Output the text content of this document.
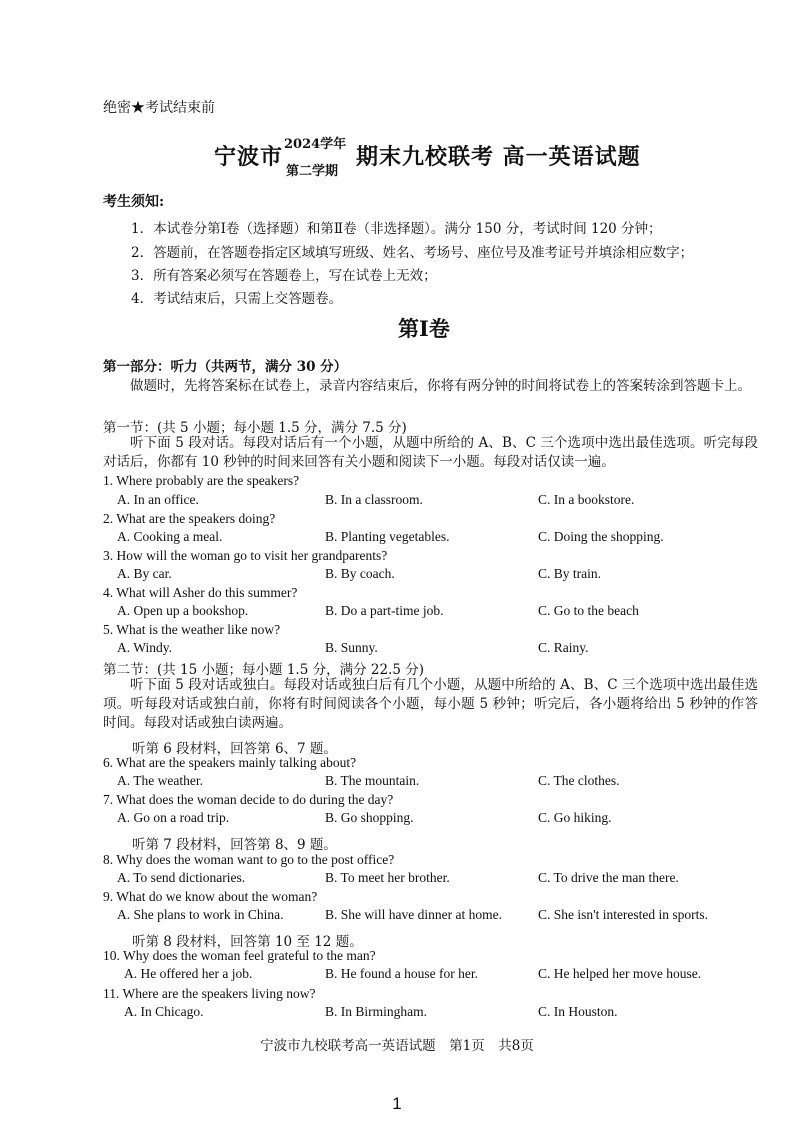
绝密★考试结束前
宁波市 2024学年
第二学期
期末九校联考 高一英语试题
考生须知:
1．本试卷分第Ⅰ卷（选择题）和第Ⅱ卷（非选择题）。满分 150 分，考试时间 120 分钟；
2．答题前，在答题卷指定区域填写班级、姓名、考场号、座位号及准考证号并填涂相应数字；
3．所有答案必须写在答题卷上，写在试卷上无效；
4．考试结束后，只需上交答题卷。
第Ⅰ卷
第一部分：听力（共两节，满分 30 分）
做题时，先将答案标在试卷上，录音内容结束后，你将有两分钟的时间将试卷上的答案转涂到答题卡上。
第一节：(共 5 小题；每小题 1.5 分，满分 7.5 分)
听下面 5 段对话。每段对话后有一个小题，从题中所给的 A、B、C 三个选项中选出最佳选项。听完每段对话后，你都有 10 秒钟的时间来回答有关小题和阅读下一小题。每段对话仅读一遍。
1. Where probably are the speakers?
A. In an office.	B. In a classroom.	C. In a bookstore.
2. What are the speakers doing?
A. Cooking a meal.	B. Planting vegetables.	C. Doing the shopping.
3. How will the woman go to visit her grandparents?
A. By car.	B. By coach.	C. By train.
4. What will Asher do this summer?
A. Open up a bookshop.	B. Do a part-time job.	C. Go to the beach
5. What is the weather like now?
A. Windy.	B. Sunny.	C. Rainy.
第二节：(共 15 小题；每小题 1.5 分，满分 22.5 分)
听下面 5 段对话或独白。每段对话或独白后有几个小题，从题中所给的 A、B、C 三个选项中选出最佳选项。听每段对话或独白前，你将有时间阅读各个小题，每小题 5 秒钟；听完后，各小题将给出 5 秒钟的作答时间。每段对话或独白读两遍。
听第 6 段材料，回答第 6、7 题。
6. What are the speakers mainly talking about?
A. The weather.	B. The mountain.	C. The clothes.
7. What does the woman decide to do during the day?
A. Go on a road trip.	B. Go shopping.	C. Go hiking.
听第 7 段材料，回答第 8、9 题。
8. Why does the woman want to go to the post office?
A. To send dictionaries.	B. To meet her brother.	C. To drive the man there.
9. What do we know about the woman?
A. She plans to work in China.	B. She will have dinner at home.	C. She isn't interested in sports.
听第 8 段材料，回答第 10 至 12 题。
10. Why does the woman feel grateful to the man?
A. He offered her a job.	B. He found a house for her.	C. He helped her move house.
11. Where are the speakers living now?
A. In Chicago.	B. In Birmingham.	C. In Houston.
宁波市九校联考高一英语试题　第1页　共8页
1
